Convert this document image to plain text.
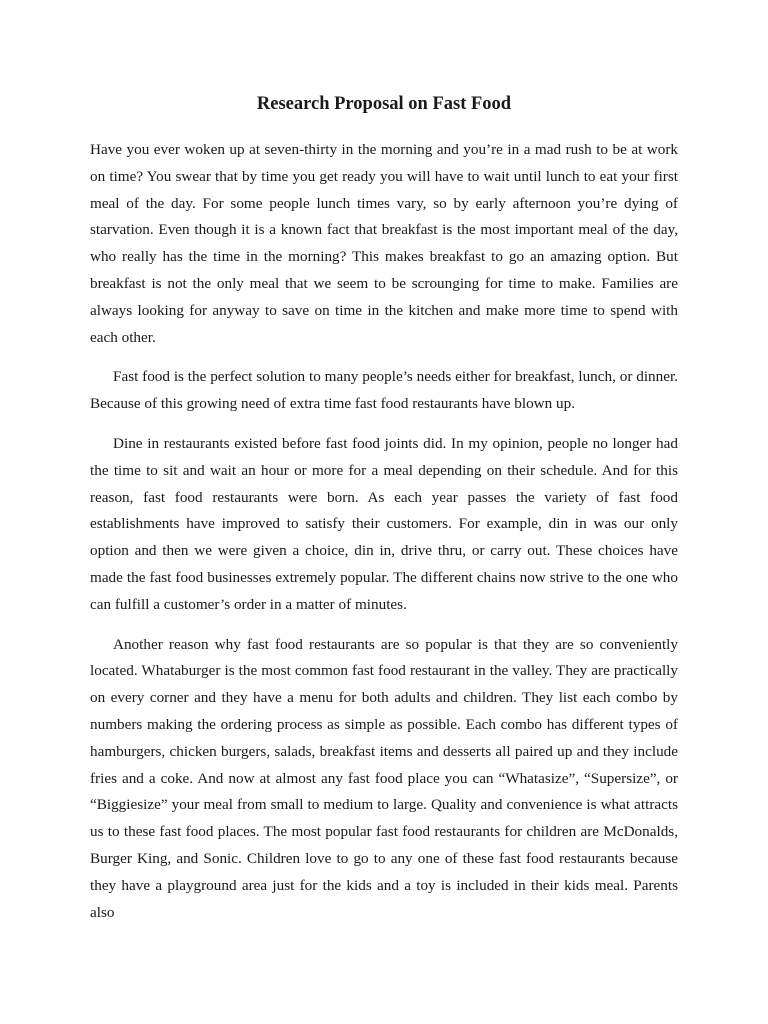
Research Proposal on Fast Food

Have you ever woken up at seven-thirty in the morning and you’re in a mad rush to be at work on time? You swear that by time you get ready you will have to wait until lunch to eat your first meal of the day. For some people lunch times vary, so by early afternoon you’re dying of starvation. Even though it is a known fact that breakfast is the most important meal of the day, who really has the time in the morning? This makes breakfast to go an amazing option. But breakfast is not the only meal that we seem to be scrounging for time to make. Families are always looking for anyway to save on time in the kitchen and make more time to spend with each other.

Fast food is the perfect solution to many people’s needs either for breakfast, lunch, or dinner. Because of this growing need of extra time fast food restaurants have blown up.

Dine in restaurants existed before fast food joints did. In my opinion, people no longer had the time to sit and wait an hour or more for a meal depending on their schedule. And for this reason, fast food restaurants were born. As each year passes the variety of fast food establishments have improved to satisfy their customers. For example, din in was our only option and then we were given a choice, din in, drive thru, or carry out. These choices have made the fast food businesses extremely popular. The different chains now strive to the one who can fulfill a customer’s order in a matter of minutes.

Another reason why fast food restaurants are so popular is that they are so conveniently located. Whataburger is the most common fast food restaurant in the valley. They are practically on every corner and they have a menu for both adults and children. They list each combo by numbers making the ordering process as simple as possible. Each combo has different types of hamburgers, chicken burgers, salads, breakfast items and desserts all paired up and they include fries and a coke. And now at almost any fast food place you can “Whatasize”, “Supersize”, or “Biggiesize” your meal from small to medium to large. Quality and convenience is what attracts us to these fast food places. The most popular fast food restaurants for children are McDonalds, Burger King, and Sonic. Children love to go to any one of these fast food restaurants because they have a playground area just for the kids and a toy is included in their kids meal. Parents also
